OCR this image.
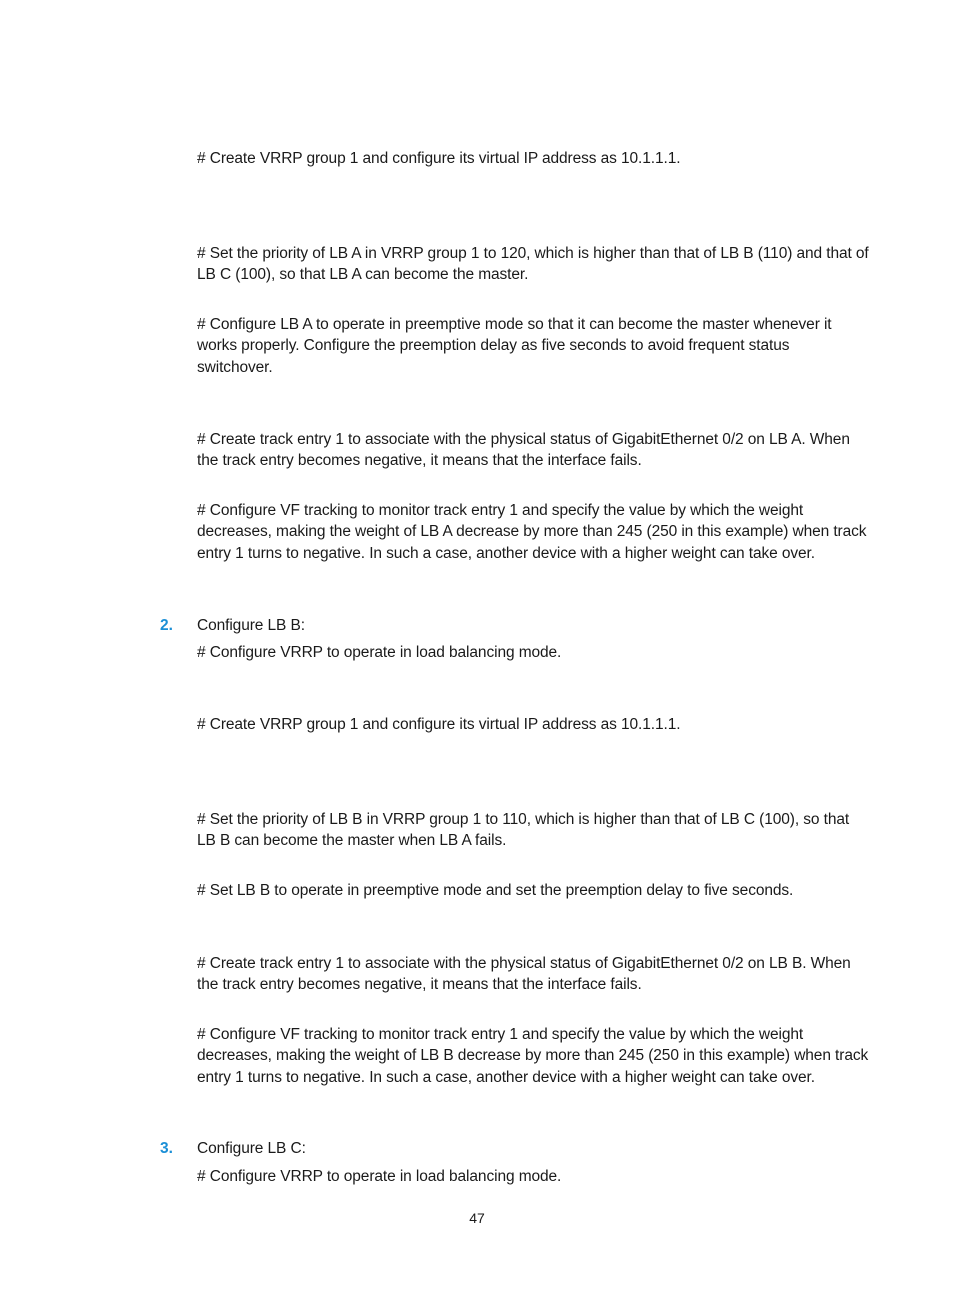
# Create VRRP group 1 and configure its virtual IP address as 10.1.1.1.

# Set the priority of LB A in VRRP group 1 to 120, which is higher than that of LB B (110) and that of LB C (100), so that LB A can become the master.

# Configure LB A to operate in preemptive mode so that it can become the master whenever it works properly. Configure the preemption delay as five seconds to avoid frequent status switchover.

# Create track entry 1 to associate with the physical status of GigabitEthernet 0/2 on LB A. When the track entry becomes negative, it means that the interface fails.

# Configure VF tracking to monitor track entry 1 and specify the value by which the weight decreases, making the weight of LB A decrease by more than 245 (250 in this example) when track entry 1 turns to negative. In such a case, another device with a higher weight can take over.

2. Configure LB B:

# Configure VRRP to operate in load balancing mode.

# Create VRRP group 1 and configure its virtual IP address as 10.1.1.1.

# Set the priority of LB B in VRRP group 1 to 110, which is higher than that of LB C (100), so that LB B can become the master when LB A fails.

# Set LB B to operate in preemptive mode and set the preemption delay to five seconds.

# Create track entry 1 to associate with the physical status of GigabitEthernet 0/2 on LB B. When the track entry becomes negative, it means that the interface fails.

# Configure VF tracking to monitor track entry 1 and specify the value by which the weight decreases, making the weight of LB B decrease by more than 245 (250 in this example) when track entry 1 turns to negative. In such a case, another device with a higher weight can take over.

3. Configure LB C:

# Configure VRRP to operate in load balancing mode.

47
